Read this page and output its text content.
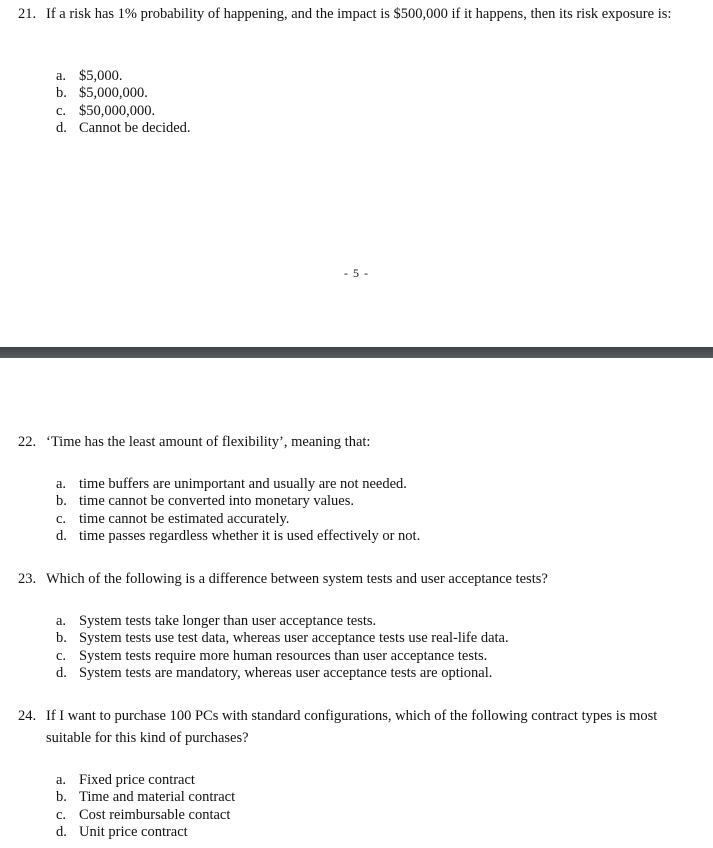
21. If a risk has 1% probability of happening, and the impact is $500,000 if it happens, then its risk exposure is:
a. $5,000.
b. $5,000,000.
c. $50,000,000.
d. Cannot be decided.
- 5 -
22. ‘Time has the least amount of flexibility’, meaning that:
a. time buffers are unimportant and usually are not needed.
b. time cannot be converted into monetary values.
c. time cannot be estimated accurately.
d. time passes regardless whether it is used effectively or not.
23. Which of the following is a difference between system tests and user acceptance tests?
a. System tests take longer than user acceptance tests.
b. System tests use test data, whereas user acceptance tests use real-life data.
c. System tests require more human resources than user acceptance tests.
d. System tests are mandatory, whereas user acceptance tests are optional.
24. If I want to purchase 100 PCs with standard configurations, which of the following contract types is most suitable for this kind of purchases?
a. Fixed price contract
b. Time and material contract
c. Cost reimbursable contact
d. Unit price contract
